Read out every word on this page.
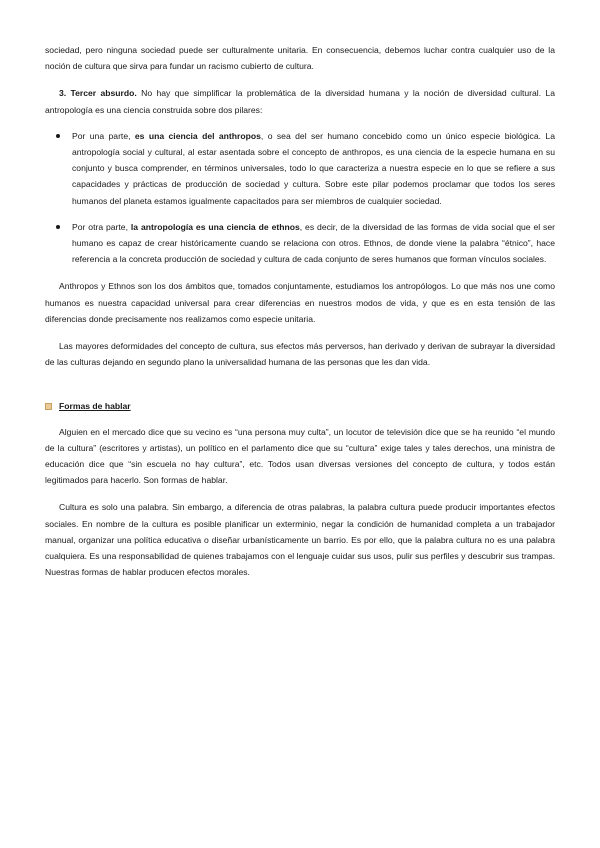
sociedad, pero ninguna sociedad puede ser culturalmente unitaria. En consecuencia, debemos luchar contra cualquier uso de la noción de cultura que sirva para fundar un racismo cubierto de cultura.

3. Tercer absurdo. No hay que simplificar la problemática de la diversidad humana y la noción de diversidad cultural. La antropología es una ciencia construida sobre dos pilares:

Por una parte, es una ciencia del anthropos, o sea del ser humano concebido como un único especie biológica. La antropología social y cultural, al estar asentada sobre el concepto de anthropos, es una ciencia de la especie humana en su conjunto y busca comprender, en términos universales, todo lo que caracteriza a nuestra especie en lo que se refiere a sus capacidades y prácticas de producción de sociedad y cultura. Sobre este pilar podemos proclamar que todos los seres humanos del planeta estamos igualmente capacitados para ser miembros de cualquier sociedad.
Por otra parte, la antropología es una ciencia de ethnos, es decir, de la diversidad de las formas de vida social que el ser humano es capaz de crear históricamente cuando se relaciona con otros. Ethnos, de donde viene la palabra “étnico”, hace referencia a la concreta producción de sociedad y cultura de cada conjunto de seres humanos que forman vínculos sociales.

Anthropos y Ethnos son los dos ámbitos que, tomados conjuntamente, estudiamos los antropólogos. Lo que más nos une como humanos es nuestra capacidad universal para crear diferencias en nuestros modos de vida, y que es en esta tensión de las diferencias donde precisamente nos realizamos como especie unitaria.

Las mayores deformidades del concepto de cultura, sus efectos más perversos, han derivado y derivan de subrayar la diversidad de las culturas dejando en segundo plano la universalidad humana de las personas que les dan vida.

Formas de hablar

Alguien en el mercado dice que su vecino es “una persona muy culta”, un locutor de televisión dice que se ha reunido “el mundo de la cultura” (escritores y artistas), un político en el parlamento dice que su “cultura” exige tales y tales derechos, una ministra de educación dice que “sin escuela no hay cultura”, etc. Todos usan diversas versiones del concepto de cultura, y todos están legitimados para hacerlo. Son formas de hablar.

Cultura es solo una palabra. Sin embargo, a diferencia de otras palabras, la palabra cultura puede producir importantes efectos sociales. En nombre de la cultura es posible planificar un exterminio, negar la condición de humanidad completa a un trabajador manual, organizar una política educativa o diseñar urbanísticamente un barrio. Es por ello, que la palabra cultura no es una palabra cualquiera. Es una responsabilidad de quienes trabajamos con el lenguaje cuidar sus usos, pulir sus perfiles y descubrir sus trampas. Nuestras formas de hablar producen efectos morales.
